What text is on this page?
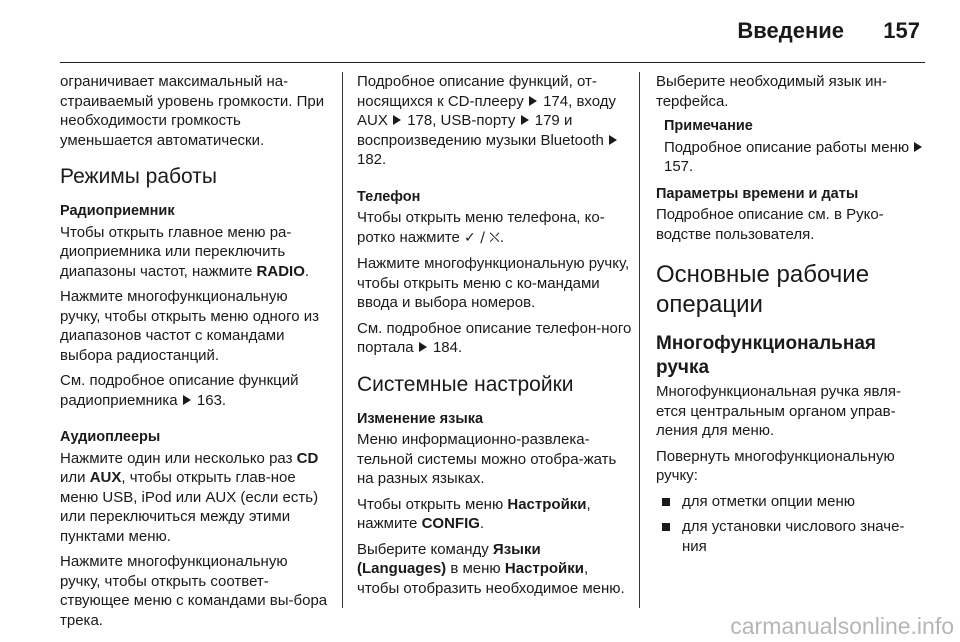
Введение 157

ограничивает максимальный на-страиваемый уровень громкости. При необходимости громкость уменьшается автоматически.

Режимы работы
Радиоприемник

Чтобы открыть главное меню ра-диоприемника или переключить диапазоны частот, нажмите RADIO.

Нажмите многофункциональную ручку, чтобы открыть меню одного из диапазонов частот с командами выбора радиостанций.

См. подробное описание функций радиоприемника 163.

Аудиоплееры

Нажмите один или несколько раз CD или AUX, чтобы открыть глав-ное меню USB, iPod или AUX (если есть) или переключиться между этими пунктами меню.

Нажмите многофункциональную ручку, чтобы открыть соответ-ствующее меню с командами вы-бора трека.

Подробное описание функций, от-носящихся к CD-плееру 174, входу AUX 178, USB-порту 179 и воспроизведению музыки Bluetooth  182.

Телефон

Чтобы открыть меню телефона, ко-ротко нажмите ✓ / ⛌.

Нажмите многофункциональную ручку, чтобы открыть меню с ко-мандами ввода и выбора номеров.

См. подробное описание телефон-ного портала 184.

Системные настройки
Изменение языка

Меню информационно-развлека-тельной системы можно отобра-жать на разных языках.

Чтобы открыть меню Настройки, нажмите CONFIG.

Выберите команду Языки (Languages) в меню Настройки, чтобы отобразить необходимое меню.

Выберите необходимый язык ин-терфейса.

Примечание
Подробное описание работы меню  157.
Параметры времени и даты

Подробное описание см. в Руко-водстве пользователя.

Основные рабочие операции
Многофункциональная ручка

Многофункциональная ручка явля-ется центральным органом управ-ления для меню.

Повернуть многофункциональную ручку:

для отметки опции меню
для установки числового значе-ния
carmanualsonline.info
